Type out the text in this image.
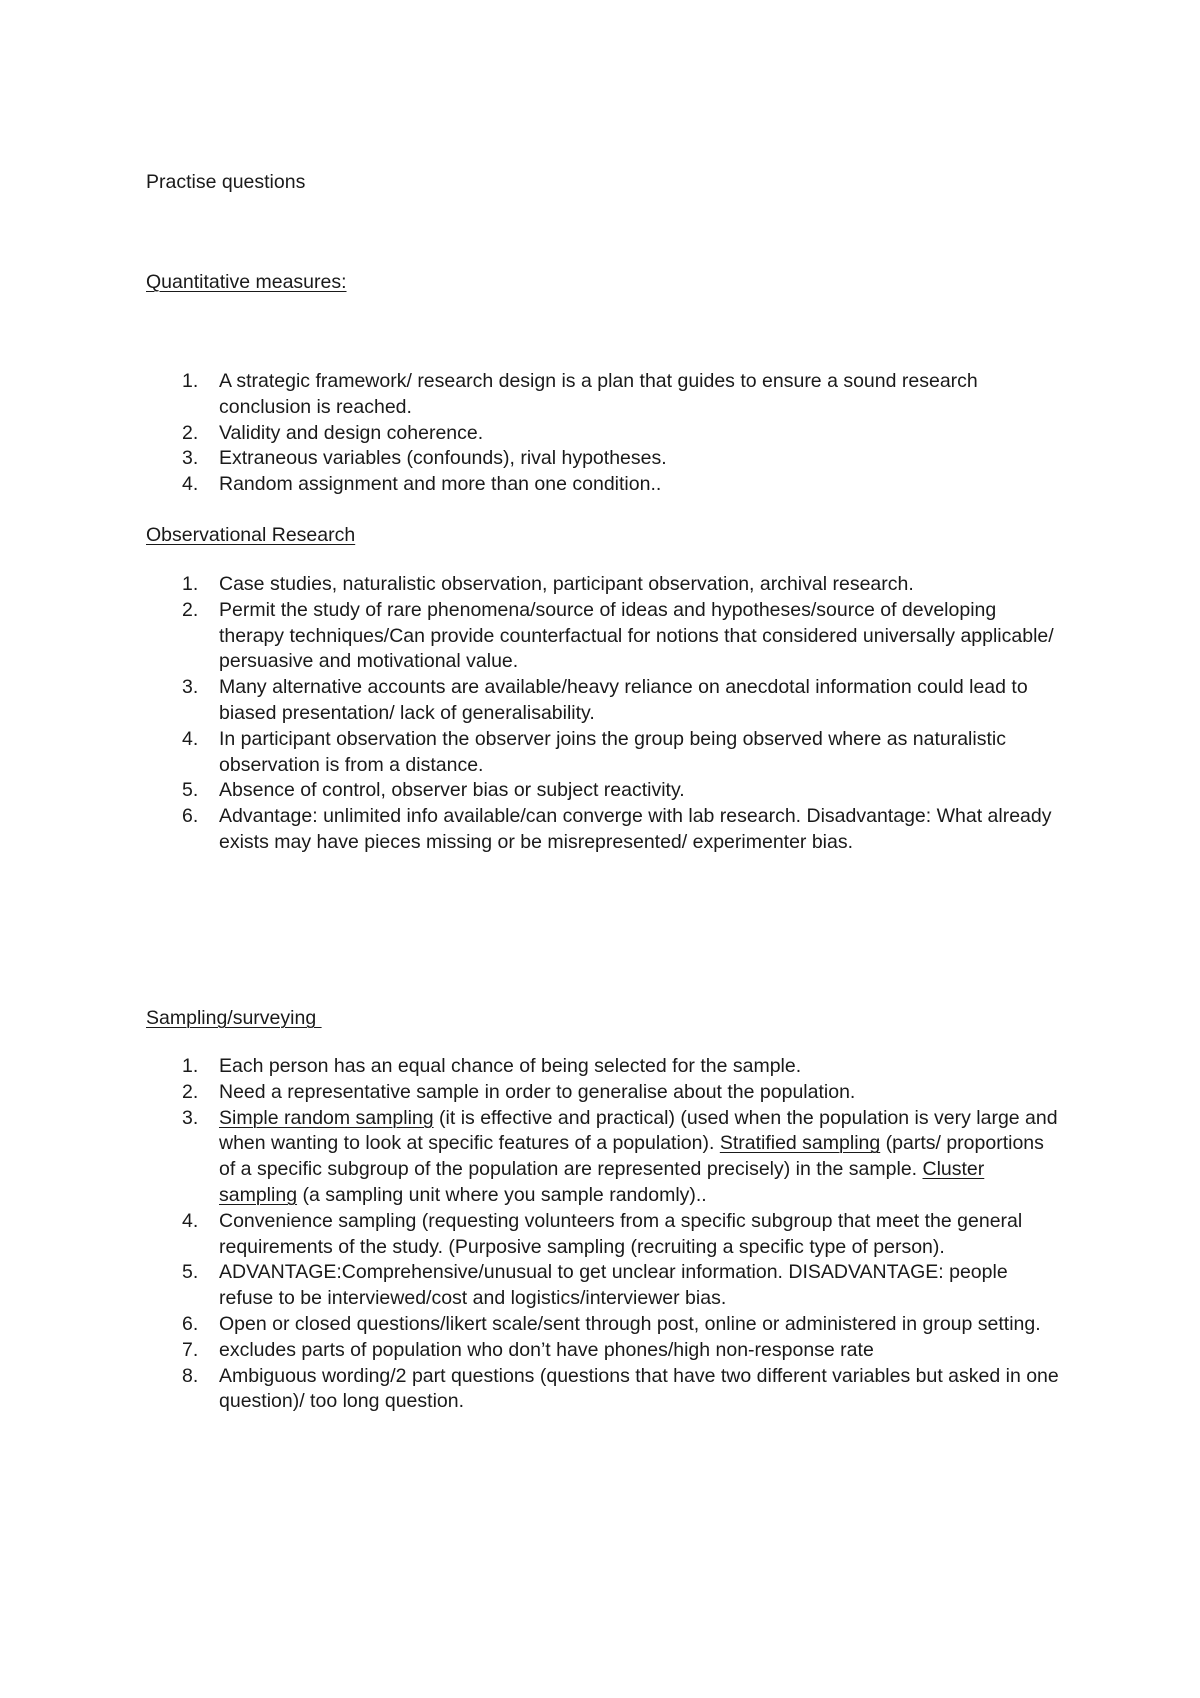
Practise questions
Quantitative measures:
1.	A strategic framework/ research design is a plan that guides to ensure a sound research conclusion is reached.
2.	Validity and design coherence.
3.	Extraneous variables (confounds), rival hypotheses.
4.	Random assignment and more than one condition..
Observational Research
1.	Case studies, naturalistic observation, participant observation, archival research.
2.	Permit the study of rare phenomena/source of ideas and hypotheses/source of developing therapy techniques/Can provide counterfactual for notions that considered universally applicable/ persuasive and motivational value.
3.	Many alternative accounts are available/heavy reliance on anecdotal information could lead to biased presentation/ lack of generalisability.
4.	In participant observation the observer joins the group being observed where as naturalistic observation is from a distance.
5.	Absence of control, observer bias or subject reactivity.
6.	Advantage: unlimited info available/can converge with lab research. Disadvantage: What already exists may have pieces missing or be misrepresented/ experimenter bias.
Sampling/surveying
1.	Each person has an equal chance of being selected for the sample.
2.	Need a representative sample in order to generalise about the population.
3.	Simple random sampling (it is effective and practical) (used when the population is very large and when wanting to look at specific features of a population). Stratified sampling (parts/ proportions of a specific subgroup of the population are represented precisely) in the sample. Cluster sampling (a sampling unit where you sample randomly)..
4.	Convenience sampling (requesting volunteers from a specific subgroup that meet the general requirements of the study. (Purposive sampling (recruiting a specific type of person).
5.	ADVANTAGE:Comprehensive/unusual to get unclear information. DISADVANTAGE: people refuse to be interviewed/cost and logistics/interviewer bias.
6.	Open or closed questions/likert scale/sent through post, online or administered in group setting.
7.	excludes parts of population who don’t have phones/high non-response rate
8.	Ambiguous wording/2 part questions (questions that have two different variables but asked in one question)/ too long question.
